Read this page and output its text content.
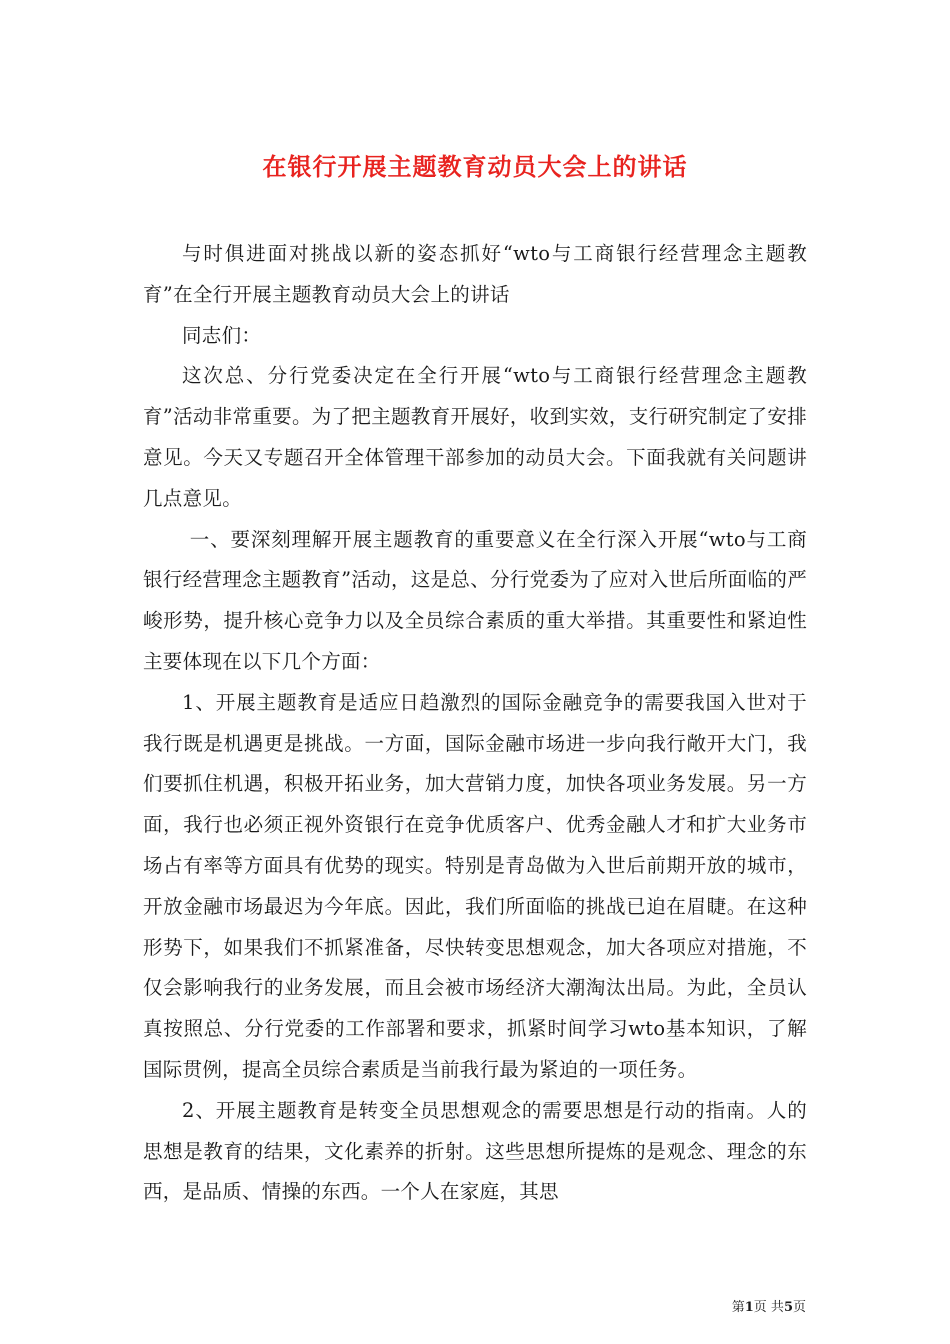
在银行开展主题教育动员大会上的讲话

与时俱进面对挑战以新的姿态抓好“wto与工商银行经营理念主题教育”在全行开展主题教育动员大会上的讲话

同志们：

这次总、分行党委决定在全行开展“wto与工商银行经营理念主题教育”活动非常重要。为了把主题教育开展好，收到实效，支行研究制定了安排意见。今天又专题召开全体管理干部参加的动员大会。下面我就有关问题讲几点意见。

一、要深刻理解开展主题教育的重要意义在全行深入开展“wto与工商银行经营理念主题教育”活动，这是总、分行党委为了应对入世后所面临的严峻形势，提升核心竞争力以及全员综合素质的重大举措。其重要性和紧迫性主要体现在以下几个方面：

1、开展主题教育是适应日趋激烈的国际金融竞争的需要我国入世对于我行既是机遇更是挑战。一方面，国际金融市场进一步向我行敞开大门，我们要抓住机遇，积极开拓业务，加大营销力度，加快各项业务发展。另一方面，我行也必须正视外资银行在竞争优质客户、优秀金融人才和扩大业务市场占有率等方面具有优势的现实。特别是青岛做为入世后前期开放的城市，开放金融市场最迟为今年底。因此，我们所面临的挑战已迫在眉睫。在这种形势下，如果我们不抓紧准备，尽快转变思想观念，加大各项应对措施，不仅会影响我行的业务发展，而且会被市场经济大潮淘汰出局。为此，全员认真按照总、分行党委的工作部署和要求，抓紧时间学习wto基本知识，了解国际贯例，提高全员综合素质是当前我行最为紧迫的一项任务。

2、开展主题教育是转变全员思想观念的需要思想是行动的指南。人的思想是教育的结果，文化素养的折射。这些思想所提炼的是观念、理念的东西，是品质、情操的东西。一个人在家庭，其思

第1页 共5页
